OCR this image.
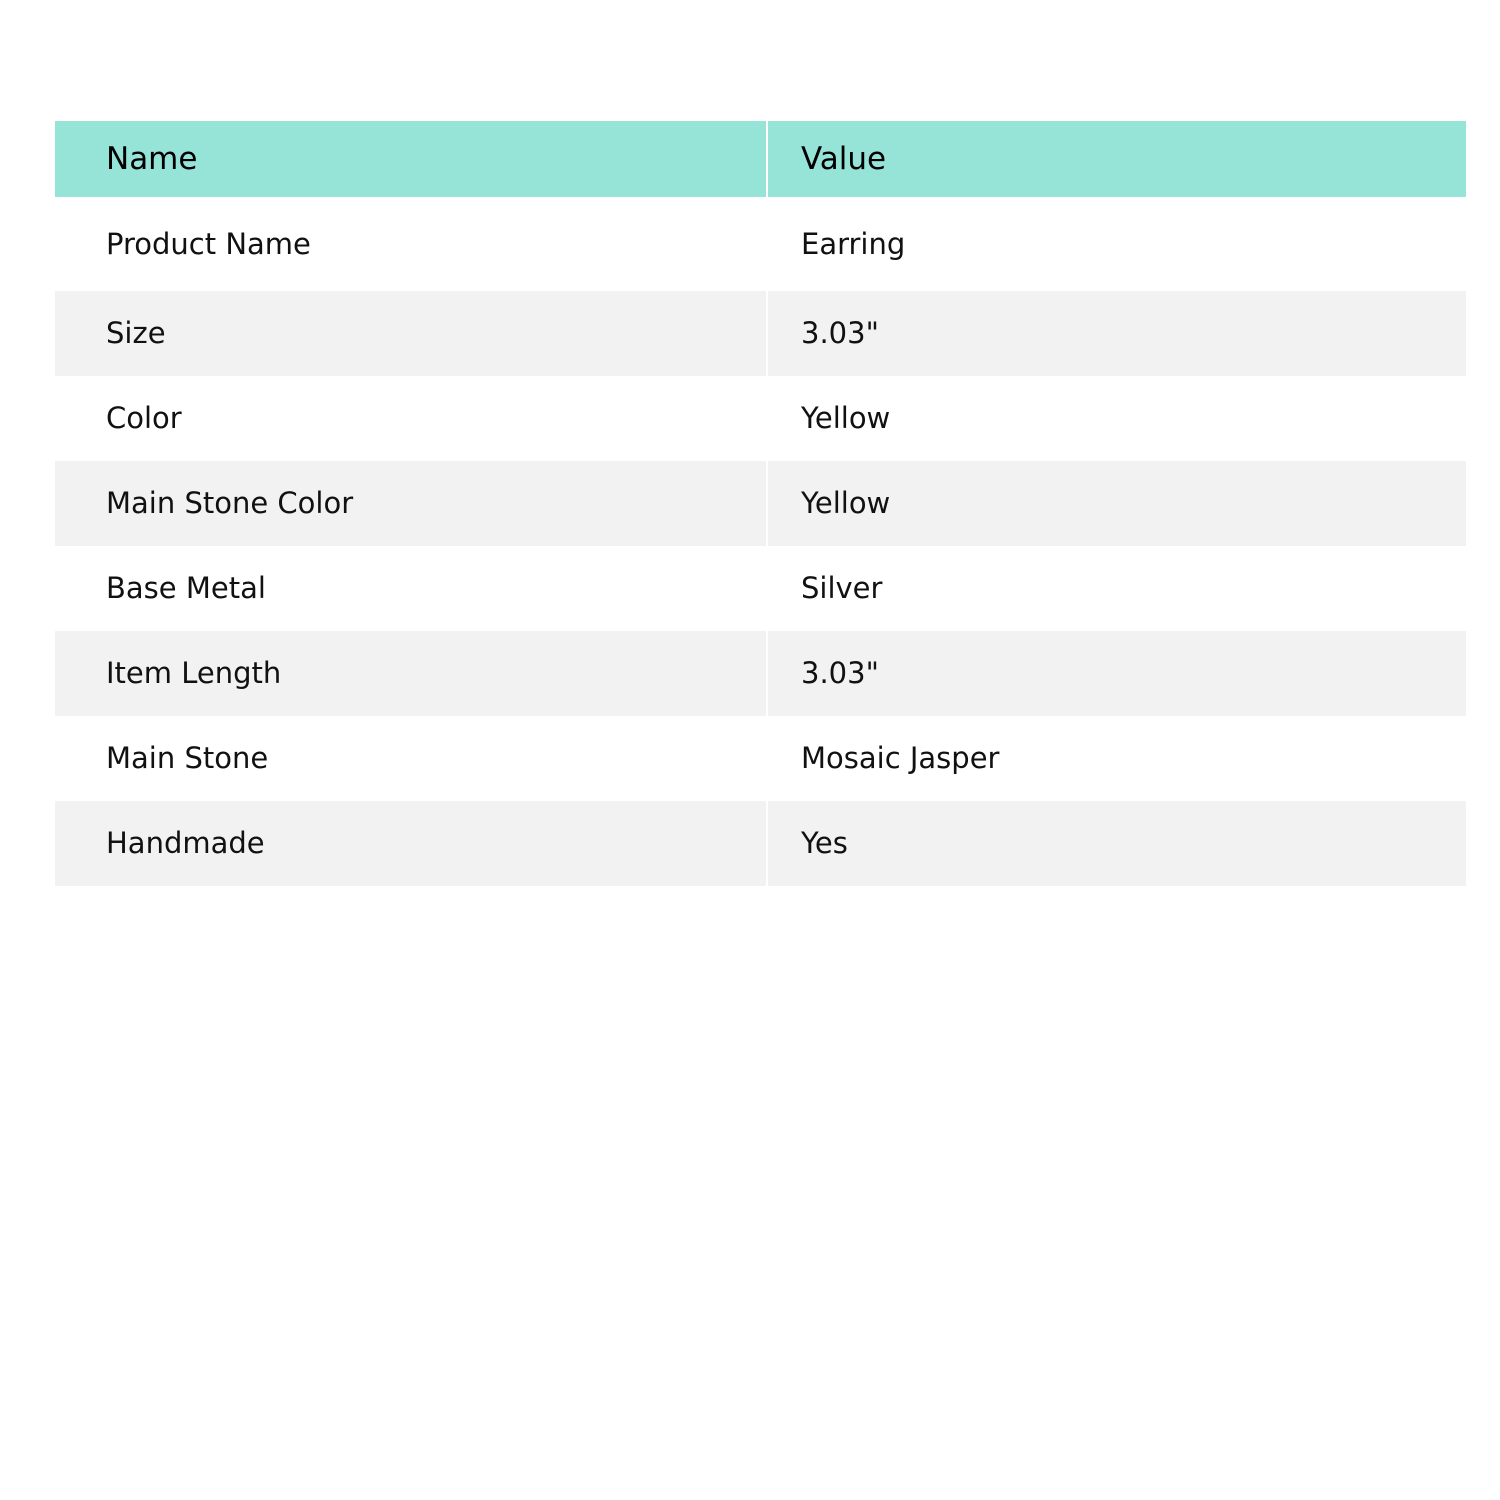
Name	Value
Product Name	Earring
Size	3.03"
Color	Yellow
Main Stone Color	Yellow
Base Metal	Silver
Item Length	3.03"
Main Stone	Mosaic Jasper
Handmade	Yes
